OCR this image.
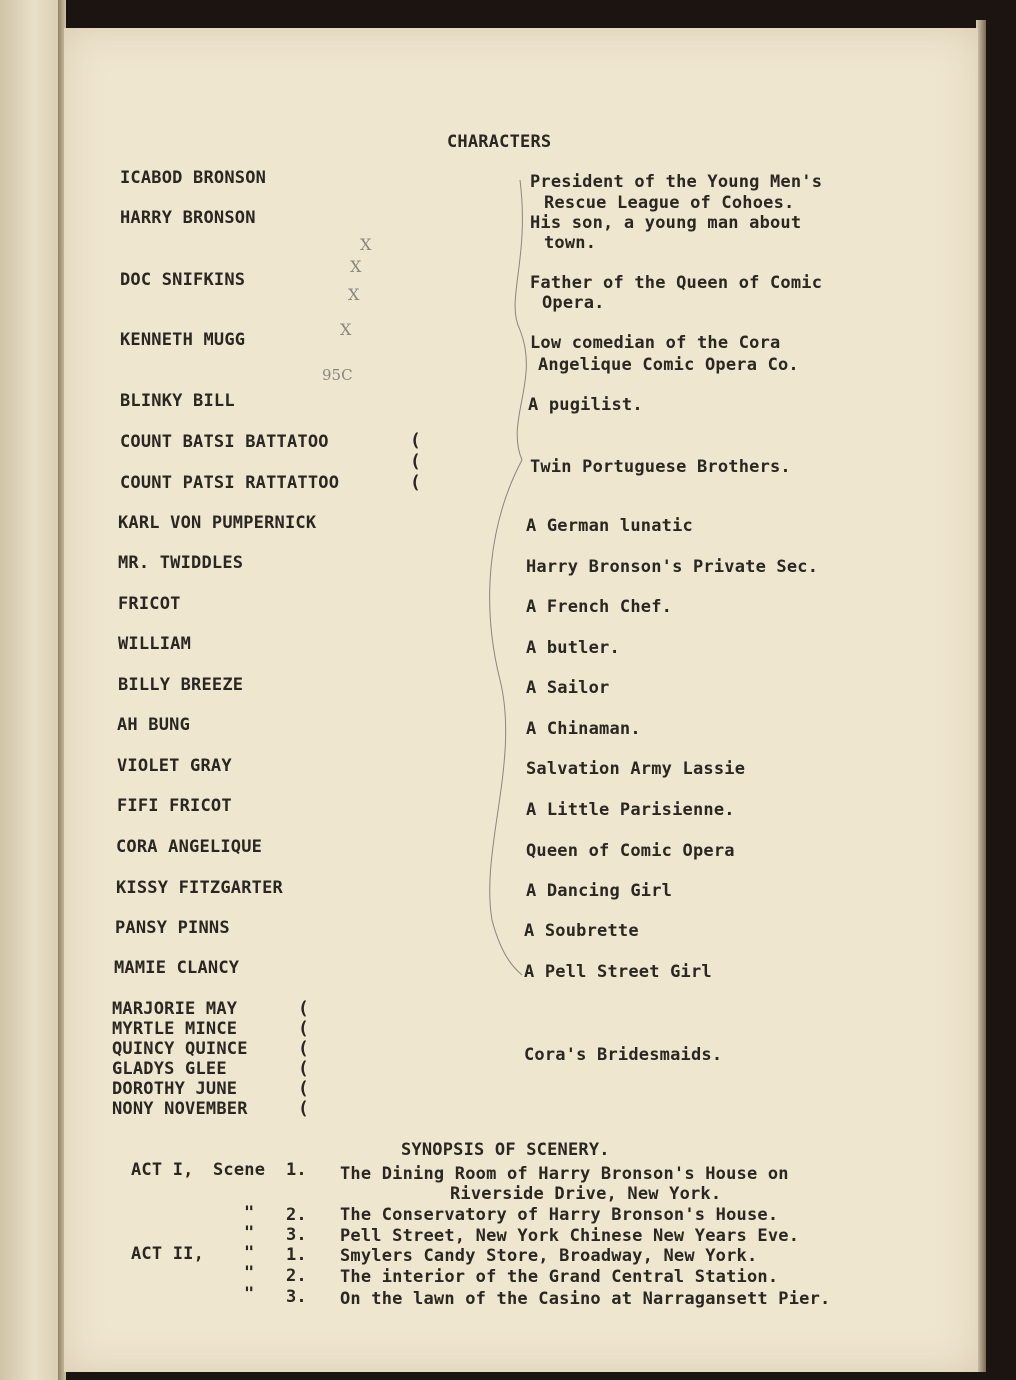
X
X
X
X
95C
CHARACTERS
ICABOD BRONSON
HARRY BRONSON
DOC SNIFKINS
KENNETH MUGG
BLINKY BILL
COUNT BATSI BATTATOO
COUNT PATSI RATTATTOO
KARL VON PUMPERNICK
MR. TWIDDLES
FRICOT
WILLIAM
BILLY BREEZE
AH BUNG
VIOLET GRAY
FIFI FRICOT
CORA ANGELIQUE
KISSY FITZGARTER
PANSY PINNS
MAMIE CLANCY
(
(
(
President of the Young Men's
Rescue League of Cohoes.
His son, a young man about
town.
Father of the Queen of Comic
Opera.
Low comedian of the Cora
Angelique Comic Opera Co.
A pugilist.
Twin Portuguese Brothers.
A German lunatic
Harry Bronson's Private Sec.
A French Chef.
A butler.
A Sailor
A Chinaman.
Salvation Army Lassie
A Little Parisienne.
Queen of Comic Opera
A Dancing Girl
A Soubrette
A Pell Street Girl
MARJORIE MAY
MYRTLE MINCE
QUINCY QUINCE
GLADYS GLEE
DOROTHY JUNE
NONY NOVEMBER
(
(
(
(
(
(
Cora's Bridesmaids.
SYNOPSIS OF SCENERY.
ACT I, Scene 1. The Dining Room of Harry Bronson's House on
Riverside Drive, New York.
" 2. The Conservatory of Harry Bronson's House.
" 3. Pell Street, New York Chinese New Years Eve.
ACT II, " 1. Smylers Candy Store, Broadway, New York.
" 2. The interior of the Grand Central Station.
" 3. On the lawn of the Casino at Narragansett Pier.
